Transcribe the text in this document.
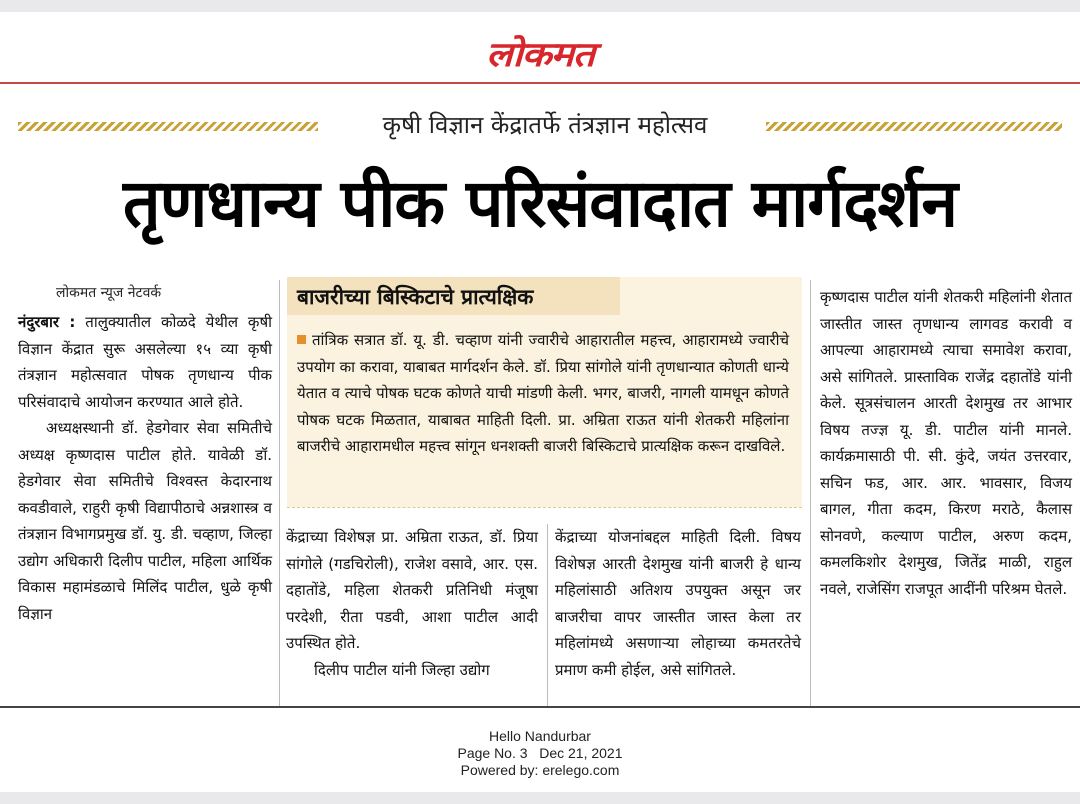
लोकमत
कृषी विज्ञान केंद्रातर्फे तंत्रज्ञान महोत्सव
तृणधान्य पीक परिसंवादात मार्गदर्शन
लोकमत न्यूज नेटवर्क

नंदुरबार : तालुक्यातील कोळदे येथील कृषी विज्ञान केंद्रात सुरू असलेल्या १५ व्या कृषी तंत्रज्ञान महोत्सवात पोषक तृणधान्य पीक परिसंवादाचे आयोजन करण्यात आले होते.

अध्यक्षस्थानी डॉ. हेडगेवार सेवा समितीचे अध्यक्ष कृष्णदास पाटील होते. यावेळी डॉ. हेडगेवार सेवा समितीचे विश्वस्त केदारनाथ कवडीवाले, राहुरी कृषी विद्यापीठाचे अन्नशास्त्र व तंत्रज्ञान विभागप्रमुख डॉ. यु. डी. चव्हाण, जिल्हा उद्योग अधिकारी दिलीप पाटील, महिला आर्थिक विकास महामंडळाचे मिलिंद पाटील, धुळे कृषी विज्ञान

बाजरीच्या बिस्किटाचे प्रात्यक्षिक
तांत्रिक सत्रात डॉ. यू. डी. चव्हाण यांनी ज्वारीचे आहारातील महत्त्व, आहारामध्ये ज्वारीचे उपयोग का करावा, याबाबत मार्गदर्शन केले. डॉ. प्रिया सांगोले यांनी तृणधान्यात कोणती धान्ये येतात व त्याचे पोषक घटक कोणते याची मांडणी केली. भगर, बाजरी, नागली यामधून कोणते पोषक घटक मिळतात, याबाबत माहिती दिली. प्रा. अम्रिता राऊत यांनी शेतकरी महिलांना बाजरीचे आहारामधील महत्त्व सांगून धनशक्ती बाजरी बिस्किटाचे प्रात्यक्षिक करून दाखविले.

केंद्राच्या विशेषज्ञ प्रा. अम्रिता राऊत, डॉ. प्रिया सांगोले (गडचिरोली), राजेश वसावे, आर. एस. दहातोंडे, महिला शेतकरी प्रतिनिधी मंजूषा परदेशी, रीता पडवी, आशा पाटील आदी उपस्थित होते.

दिलीप पाटील यांनी जिल्हा उद्योग

केंद्राच्या योजनांबद्दल माहिती दिली. विषय विशेषज्ञ आरती देशमुख यांनी बाजरी हे धान्य महिलांसाठी अतिशय उपयुक्त असून जर बाजरीचा वापर जास्तीत जास्त केला तर महिलांमध्ये असणाऱ्या लोहाच्या कमतरतेचे प्रमाण कमी होईल, असे सांगितले.

कृष्णदास पाटील यांनी शेतकरी महिलांनी शेतात जास्तीत जास्त तृणधान्य लागवड करावी व आपल्या आहारामध्ये त्याचा समावेश करावा, असे सांगितले. प्रास्ताविक राजेंद्र दहातोंडे यांनी केले. सूत्रसंचालन आरती देशमुख तर आभार विषय तज्ज्ञ यू. डी. पाटील यांनी मानले. कार्यक्रमासाठी पी. सी. कुंदे, जयंत उत्तरवार, सचिन फड, आर. आर. भावसार, विजय बागल, गीता कदम, किरण मराठे, कैलास सोनवणे, कल्याण पाटील, अरुण कदम, कमलकिशोर देशमुख, जितेंद्र माळी, राहुल नवले, राजेसिंग राजपूत आदींनी परिश्रम घेतले.

Hello Nandurbar
Page No. 3 Dec 21, 2021
Powered by: erelego.com
